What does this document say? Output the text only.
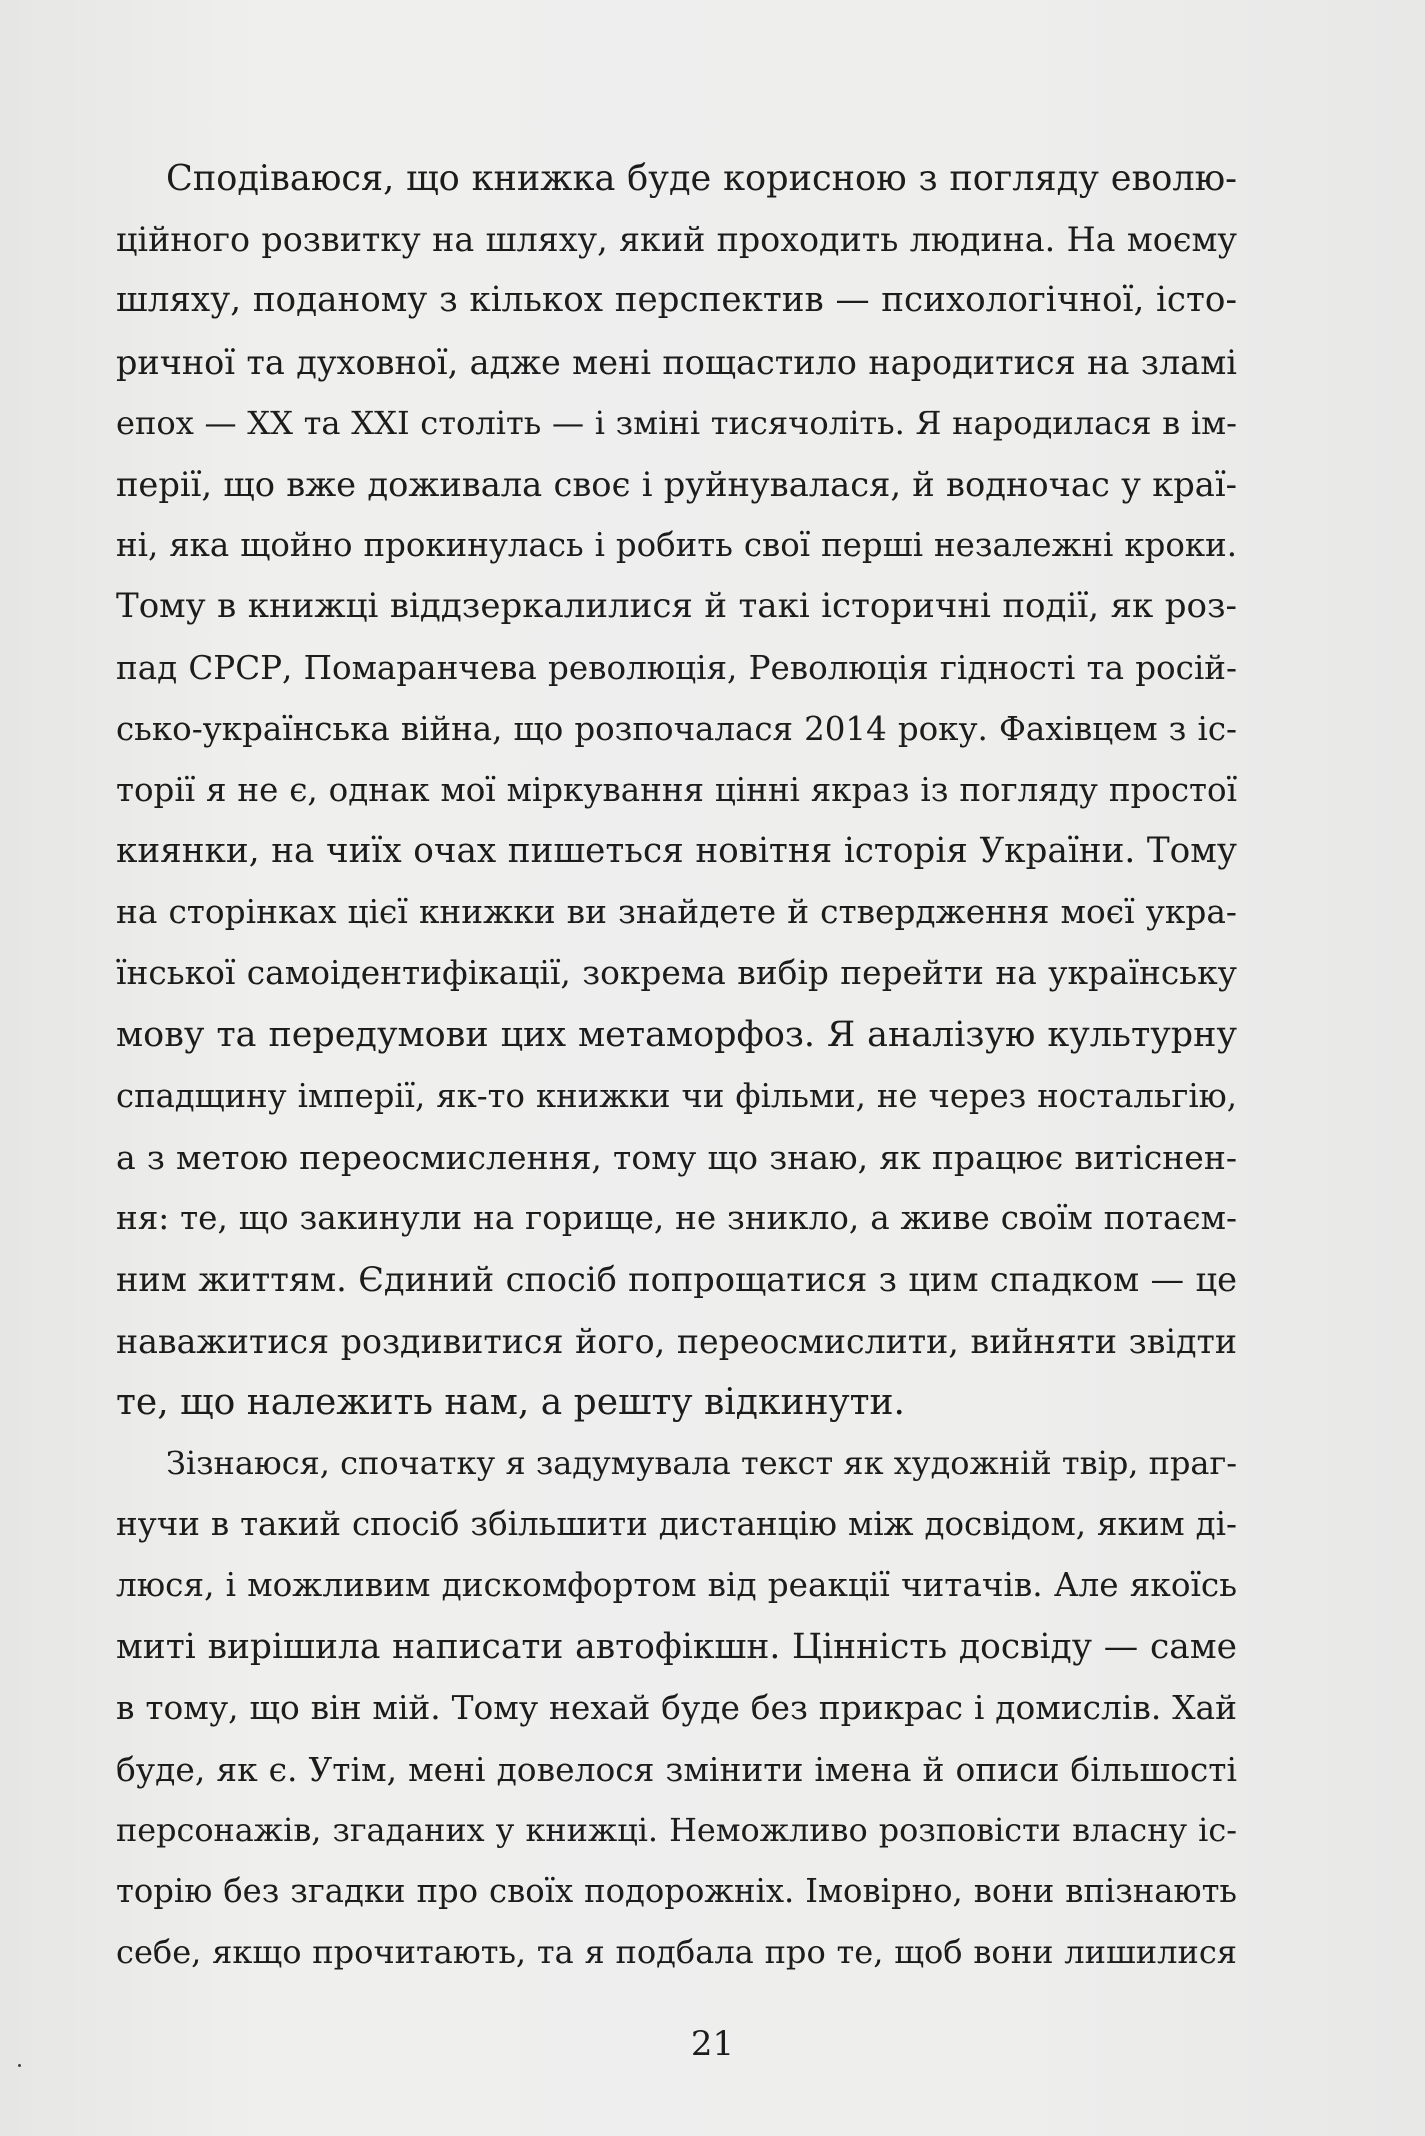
Сподіваюся, що книжка буде корисною з погляду еволю-
ційного розвитку на шляху, який проходить людина. На моєму
шляху, поданому з кількох перспектив — психологічної, істо-
ричної та духовної, адже мені пощастило народитися на зламі
епох — XX та XXI століть — і зміні тисячоліть. Я народилася в ім-
перії, що вже доживала своє і руйнувалася, й водночас у краї-
ні, яка щойно прокинулась і робить свої перші незалежні кроки.
Тому в книжці віддзеркалилися й такі історичні події, як роз-
пад СРСР, Помаранчева революція, Революція гідності та росій-
сько-українська війна, що розпочалася 2014 року. Фахівцем з іс-
торії я не є, однак мої міркування цінні якраз із погляду простої
киянки, на чиїх очах пишеться новітня історія України. Тому
на сторінках цієї книжки ви знайдете й ствердження моєї укра-
їнської самоідентифікації, зокрема вибір перейти на українську
мову та передумови цих метаморфоз. Я аналізую культурну
спадщину імперії, як-то книжки чи фільми, не через ностальгію,
а з метою переосмислення, тому що знаю, як працює витіснен-
ня: те, що закинули на горище, не зникло, а живе своїм потаєм-
ним життям. Єдиний спосіб попрощатися з цим спадком — це
наважитися роздивитися його, переосмислити, вийняти звідти
те, що належить нам, а решту відкинути.
Зізнаюся, спочатку я задумувала текст як художній твір, праг-
нучи в такий спосіб збільшити дистанцію між досвідом, яким ді-
люся, і можливим дискомфортом від реакції читачів. Але якоїсь
миті вирішила написати автофікшн. Цінність досвіду — саме
в тому, що він мій. Тому нехай буде без прикрас і домислів. Хай
буде, як є. Утім, мені довелося змінити імена й описи більшості
персонажів, згаданих у книжці. Неможливо розповісти власну іс-
торію без згадки про своїх подорожніх. Імовірно, вони впізнають
себе, якщо прочитають, та я подбала про те, щоб вони лишилися
21
